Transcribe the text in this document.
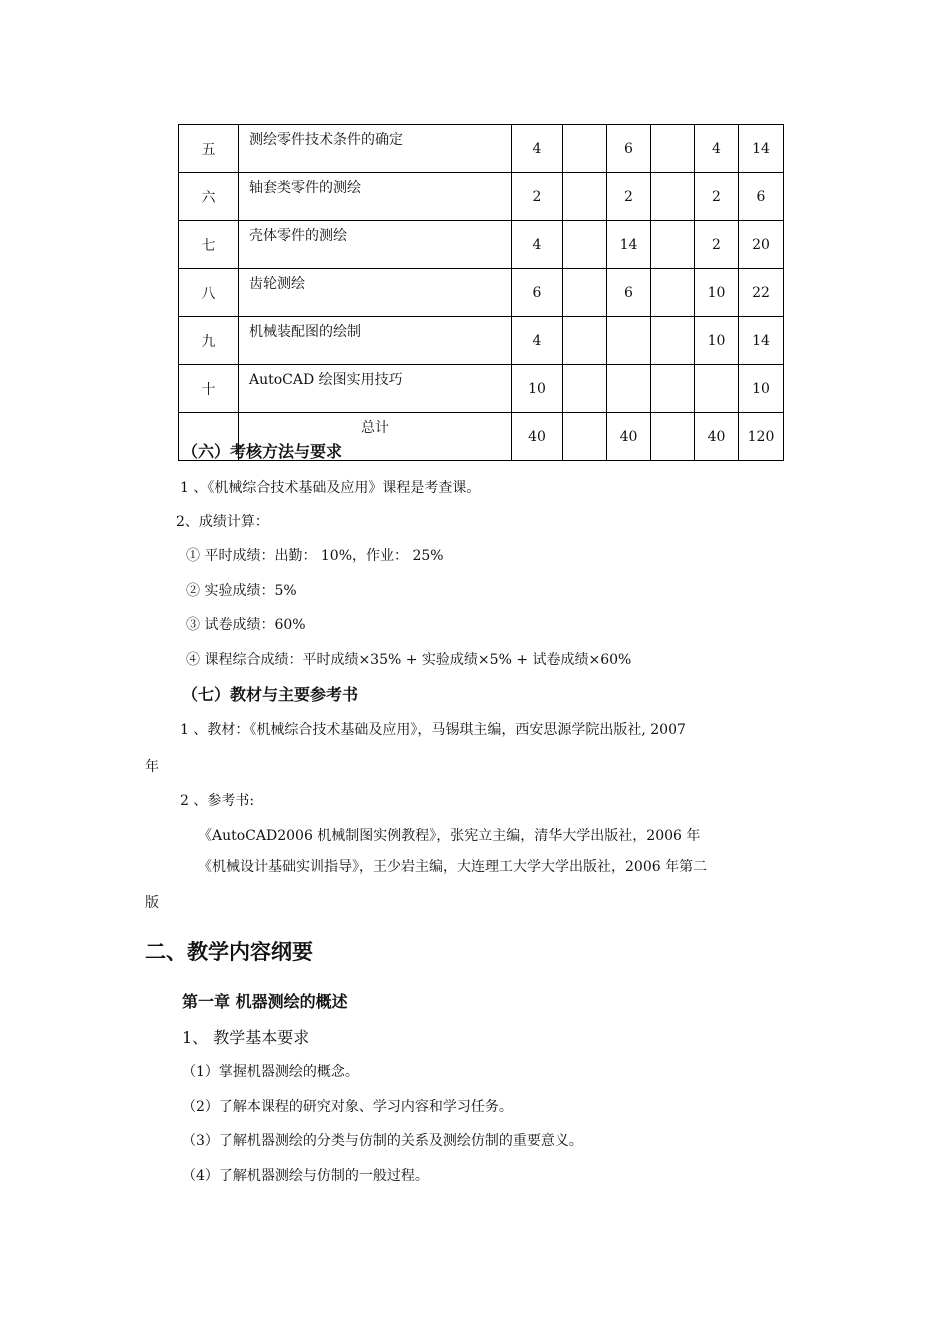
五	测绘零件技术条件的确定	4		6		4	14
六	轴套类零件的测绘	2		2		2	6
七	壳体零件的测绘	4		14		2	20
八	齿轮测绘	6		6		10	22
九	机械装配图的绘制	4				10	14
十	AutoCAD 绘图实用技巧	10					10
	总计	40		40		40	120
（六）考核方法与要求
1 、《机械综合技术基础及应用》课程是考查课。
2、成绩计算：
① 平时成绩：出勤： 10%，作业： 25%
② 实验成绩：5%
③ 试卷成绩：60%
④ 课程综合成绩：平时成绩×35% + 实验成绩×5% + 试卷成绩×60%
（七）教材与主要参考书
1 、教材：《机械综合技术基础及应用》，马锡琪主编，西安思源学院出版社, 2007
年
2 、参考书:
《AutoCAD2006 机械制图实例教程》，张宪立主编，清华大学出版社，2006 年
《机械设计基础实训指导》，王少岩主编，大连理工大学大学出版社，2006 年第二
版
二、教学内容纲要
第一章 机器测绘的概述
1、 教学基本要求
（1）掌握机器测绘的概念。
（2）了解本课程的研究对象、学习内容和学习任务。
（3）了解机器测绘的分类与仿制的关系及测绘仿制的重要意义。
（4）了解机器测绘与仿制的一般过程。
